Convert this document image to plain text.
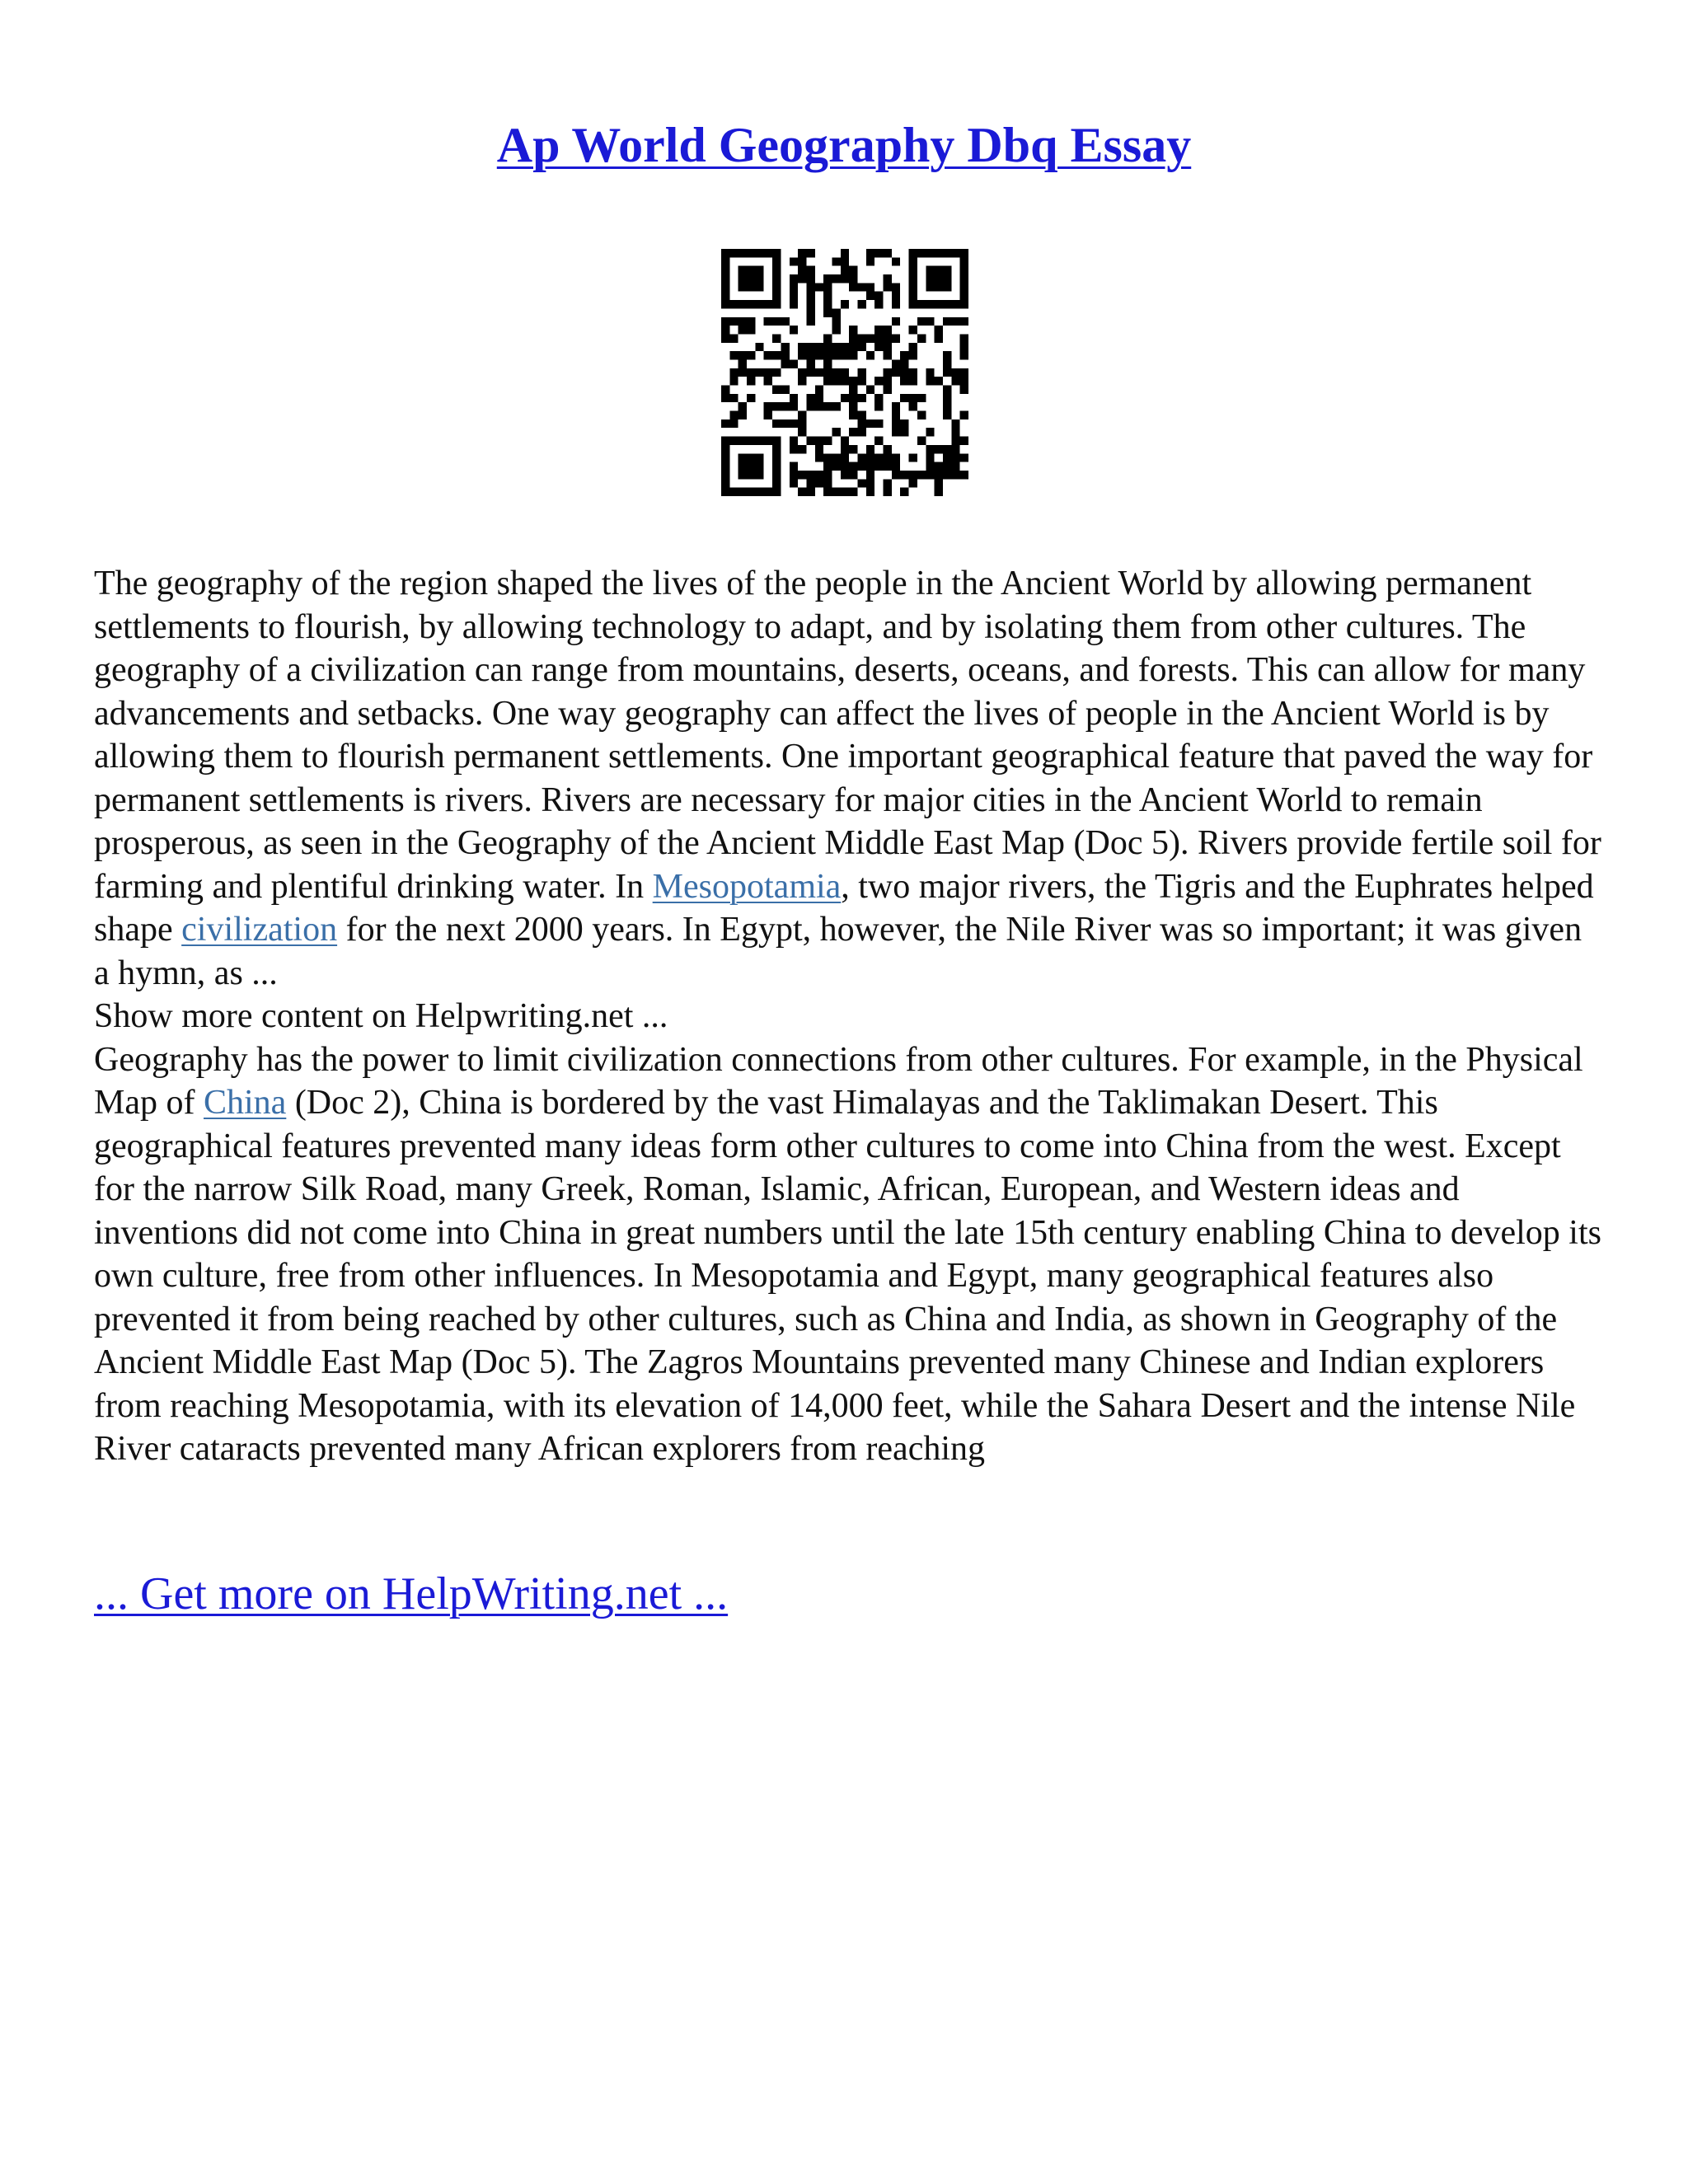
Ap World Geography Dbq Essay

The geography of the region shaped the lives of the people in the Ancient World by allowing permanent settlements to flourish, by allowing technology to adapt, and by isolating them from other cultures. The geography of a civilization can range from mountains, deserts, oceans, and forests. This can allow for many advancements and setbacks. One way geography can affect the lives of people in the Ancient World is by allowing them to flourish permanent settlements. One important geographical feature that paved the way for permanent settlements is rivers. Rivers are necessary for major cities in the Ancient World to remain prosperous, as seen in the Geography of the Ancient Middle East Map (Doc 5). Rivers provide fertile soil for farming and plentiful drinking water. In Mesopotamia, two major rivers, the Tigris and the Euphrates helped shape civilization for the next 2000 years. In Egypt, however, the Nile River was so important; it was given a hymn, as ...

Show more content on Helpwriting.net ...

Geography has the power to limit civilization connections from other cultures. For example, in the Physical Map of China (Doc 2), China is bordered by the vast Himalayas and the Taklimakan Desert. This geographical features prevented many ideas form other cultures to come into China from the west. Except for the narrow Silk Road, many Greek, Roman, Islamic, African, European, and Western ideas and inventions did not come into China in great numbers until the late 15th century enabling China to develop its own culture, free from other influences. In Mesopotamia and Egypt, many geographical features also prevented it from being reached by other cultures, such as China and India, as shown in Geography of the Ancient Middle East Map (Doc 5). The Zagros Mountains prevented many Chinese and Indian explorers from reaching Mesopotamia, with its elevation of 14,000 feet, while the Sahara Desert and the intense Nile River cataracts prevented many African explorers from reaching

... Get more on HelpWriting.net ...
